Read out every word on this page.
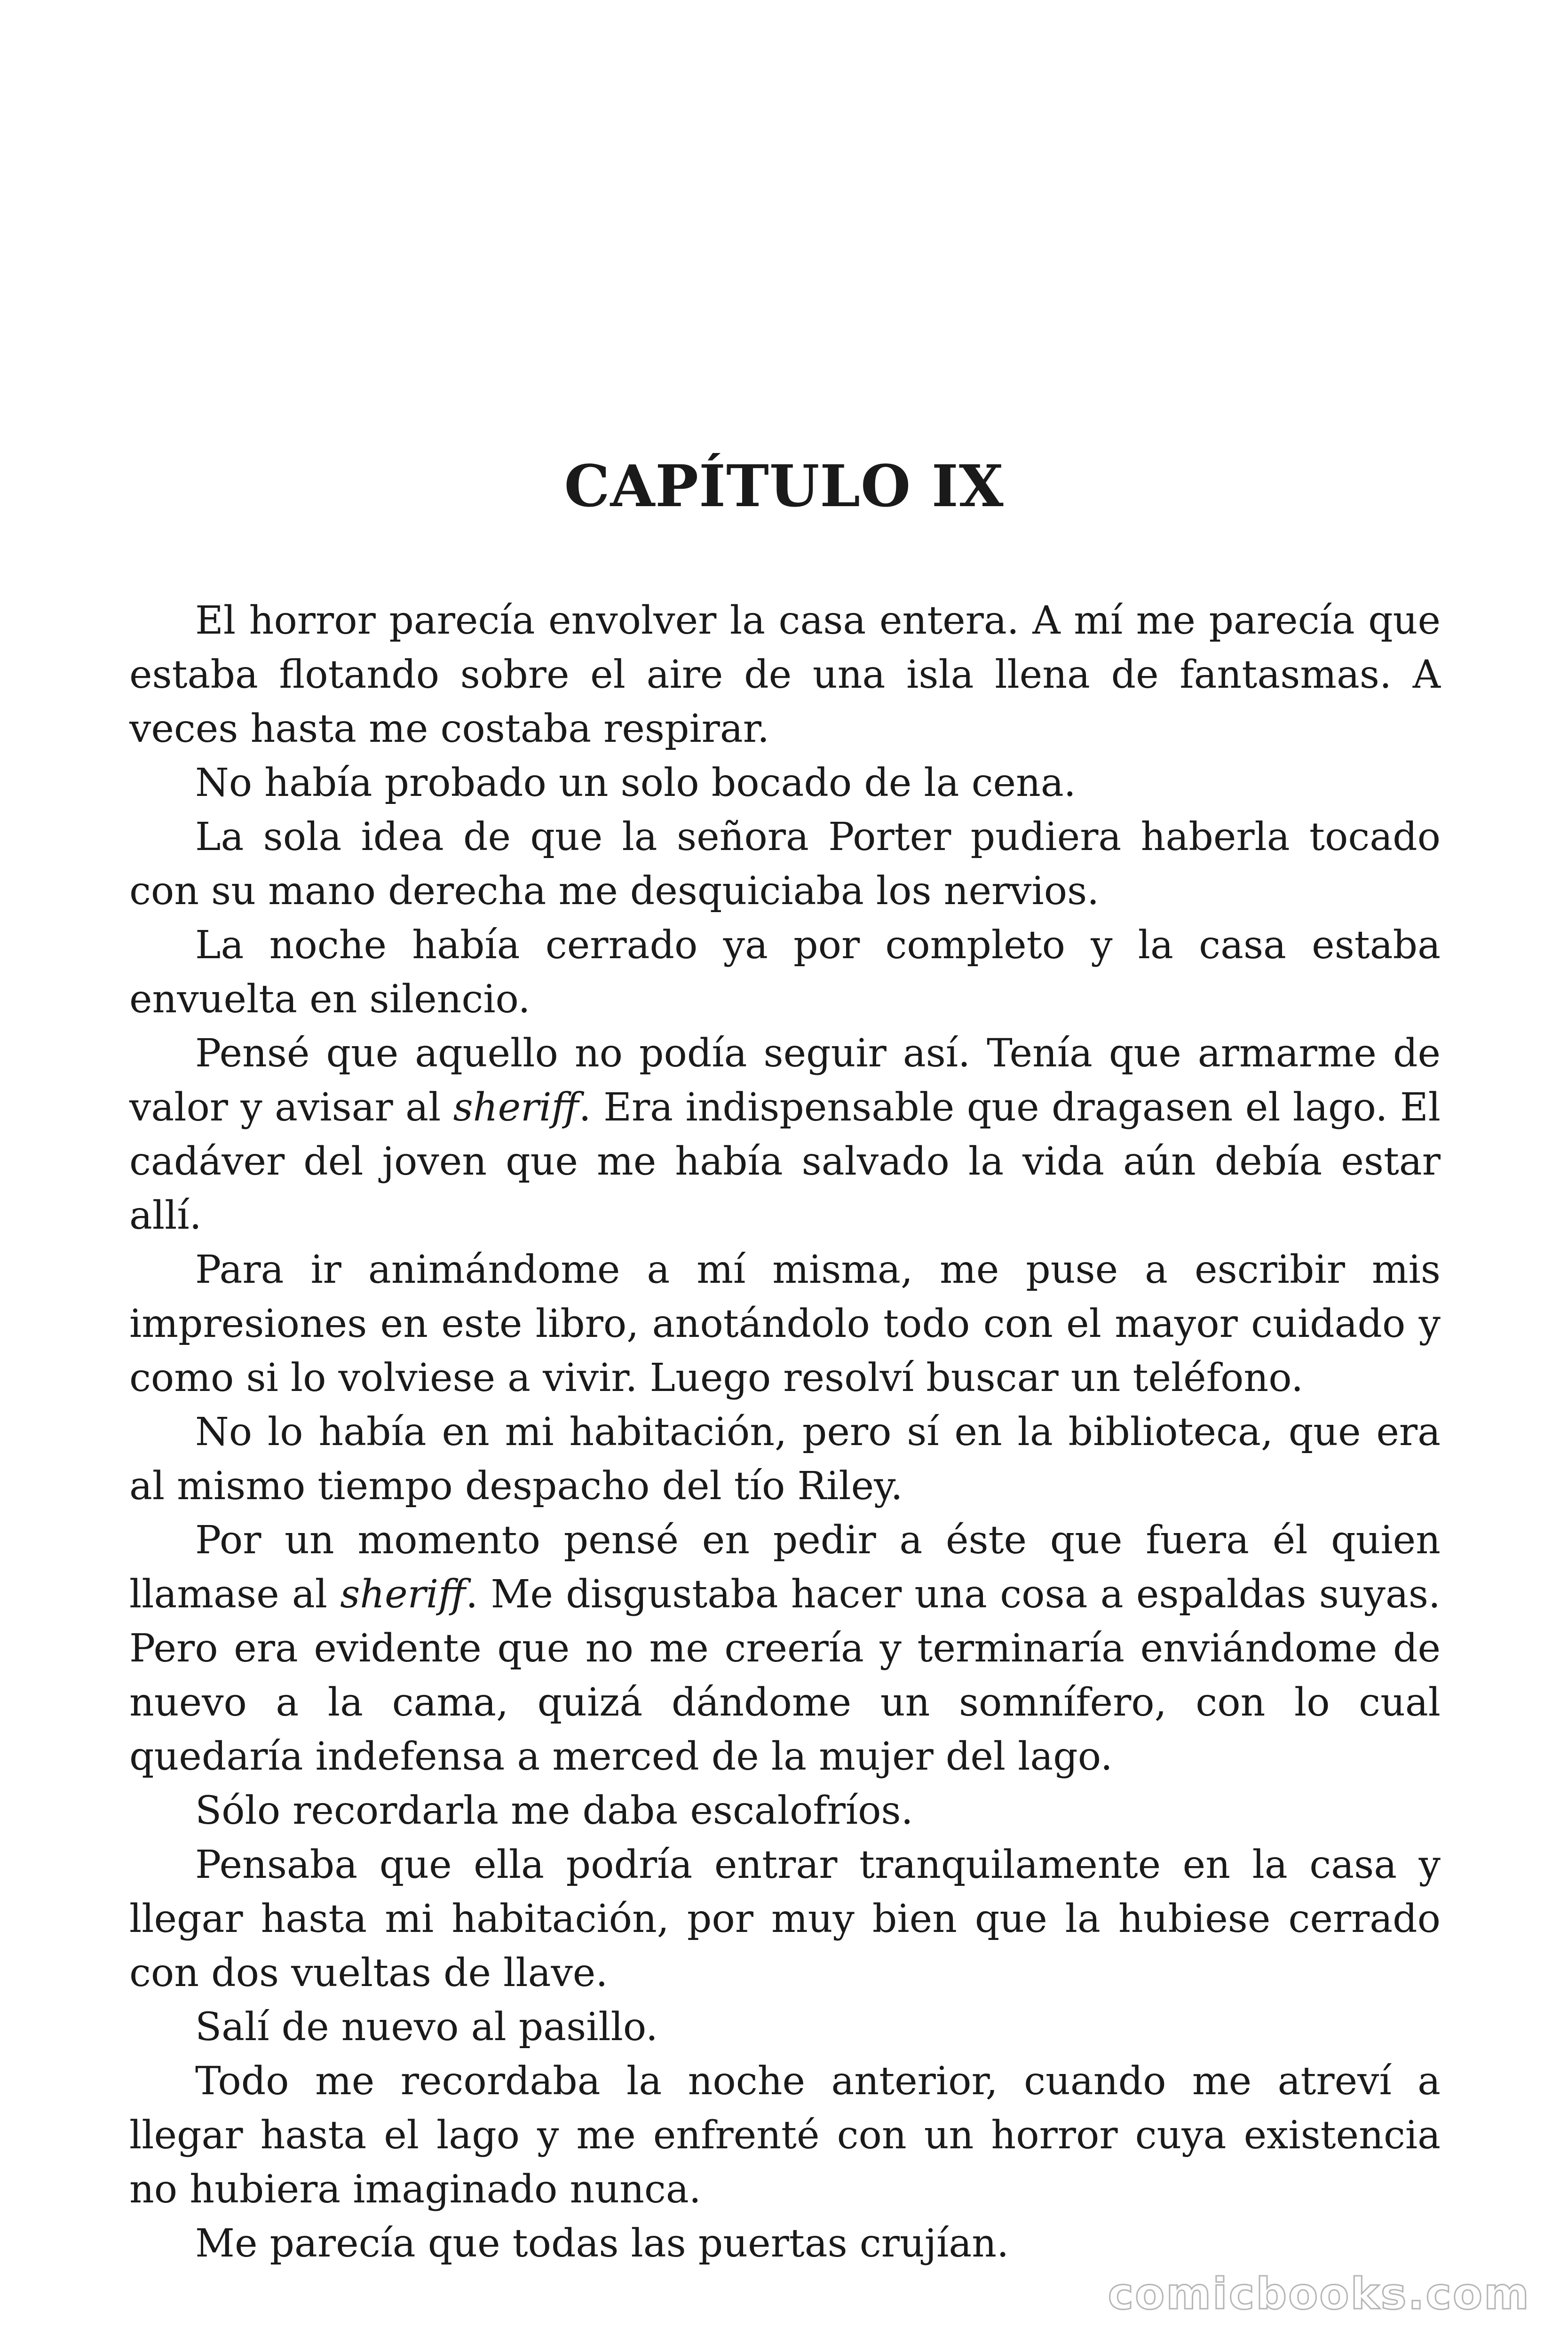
CAPÍTULO IX

El horror parecía envolver la casa entera. A mí me parecía que estaba flotando sobre el aire de una isla llena de fantasmas. A veces hasta me costaba respirar.

No había probado un solo bocado de la cena.

La sola idea de que la señora Porter pudiera haberla tocado con su mano derecha me desquiciaba los nervios.

La noche había cerrado ya por completo y la casa estaba envuelta en silencio.

Pensé que aquello no podía seguir así. Tenía que armarme de valor y avisar al sheriff. Era indispensable que dragasen el lago. El cadáver del joven que me había salvado la vida aún debía estar allí.

Para ir animándome a mí misma, me puse a escribir mis impresiones en este libro, anotándolo todo con el mayor cuidado y como si lo volviese a vivir. Luego resolví buscar un teléfono.

No lo había en mi habitación, pero sí en la biblioteca, que era al mismo tiempo despacho del tío Riley.

Por un momento pensé en pedir a éste que fuera él quien llamase al sheriff. Me disgustaba hacer una cosa a espaldas suyas. Pero era evidente que no me creería y terminaría enviándome de nuevo a la cama, quizá dándome un somnífero, con lo cual quedaría indefensa a merced de la mujer del lago.

Sólo recordarla me daba escalofríos.

Pensaba que ella podría entrar tranquilamente en la casa y llegar hasta mi habitación, por muy bien que la hubiese cerrado con dos vueltas de llave.

Salí de nuevo al pasillo.

Todo me recordaba la noche anterior, cuando me atreví a llegar hasta el lago y me enfrenté con un horror cuya existencia no hubiera imaginado nunca.

Me parecía que todas las puertas crujían.

comicbooks.com
